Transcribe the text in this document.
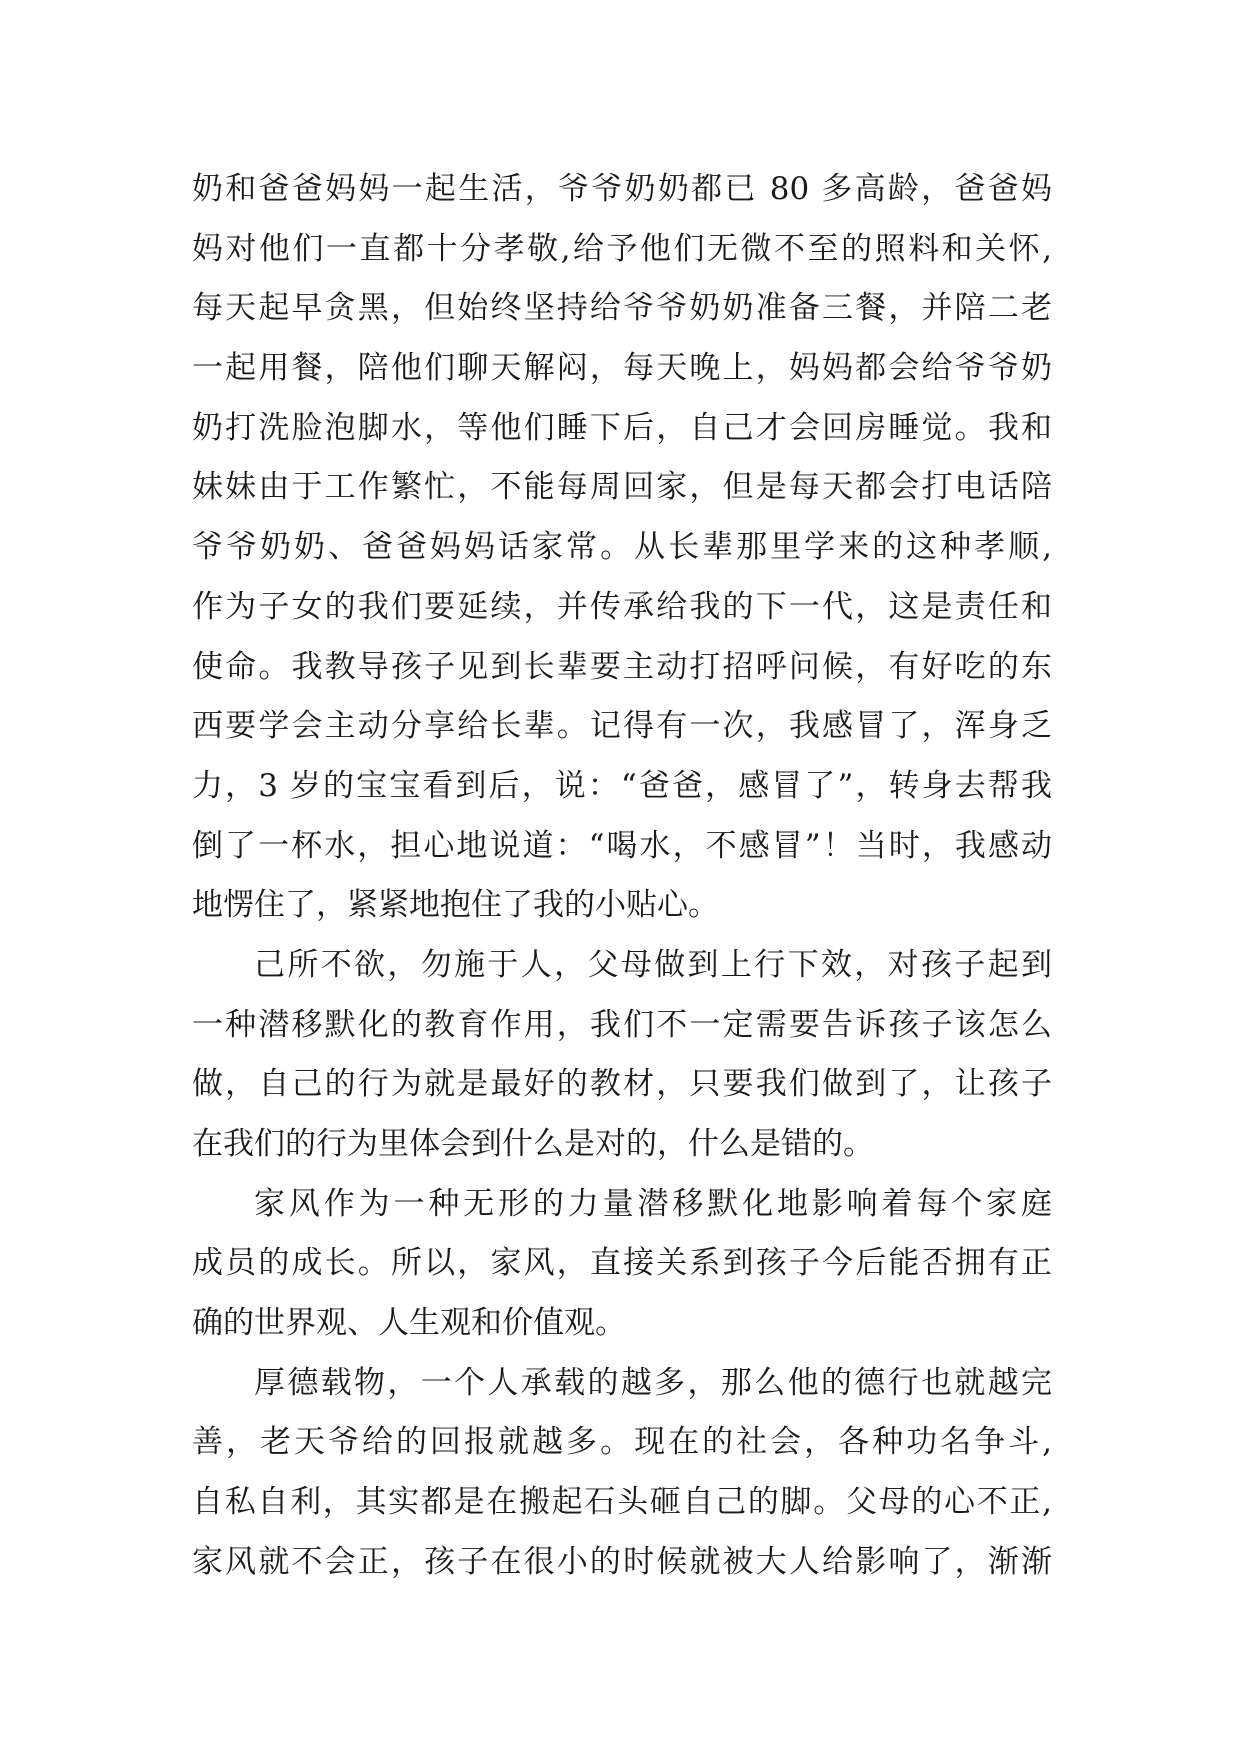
奶和爸爸妈妈一起生活，爷爷奶奶都已 80 多高龄，爸爸妈
妈对他们一直都十分孝敬,给予他们无微不至的照料和关怀,
每天起早贪黑，但始终坚持给爷爷奶奶准备三餐，并陪二老
一起用餐，陪他们聊天解闷，每天晚上，妈妈都会给爷爷奶
奶打洗脸泡脚水，等他们睡下后，自己才会回房睡觉。我和
妹妹由于工作繁忙，不能每周回家，但是每天都会打电话陪
爷爷奶奶、爸爸妈妈话家常。从长辈那里学来的这种孝顺,
作为子女的我们要延续，并传承给我的下一代，这是责任和
使命。我教导孩子见到长辈要主动打招呼问候，有好吃的东
西要学会主动分享给长辈。记得有一次，我感冒了，浑身乏
力，3 岁的宝宝看到后，说：“爸爸，感冒了”，转身去帮我
倒了一杯水，担心地说道：“喝水，不感冒”！当时，我感动
地愣住了，紧紧地抱住了我的小贴心。
己所不欲，勿施于人，父母做到上行下效，对孩子起到
一种潜移默化的教育作用，我们不一定需要告诉孩子该怎么
做，自己的行为就是最好的教材，只要我们做到了，让孩子
在我们的行为里体会到什么是对的，什么是错的。
家风作为一种无形的力量潜移默化地影响着每个家庭
成员的成长。所以，家风，直接关系到孩子今后能否拥有正
确的世界观、人生观和价值观。
厚德载物，一个人承载的越多，那么他的德行也就越完
善，老天爷给的回报就越多。现在的社会，各种功名争斗,
自私自利，其实都是在搬起石头砸自己的脚。父母的心不正,
家风就不会正，孩子在很小的时候就被大人给影响了，渐渐
